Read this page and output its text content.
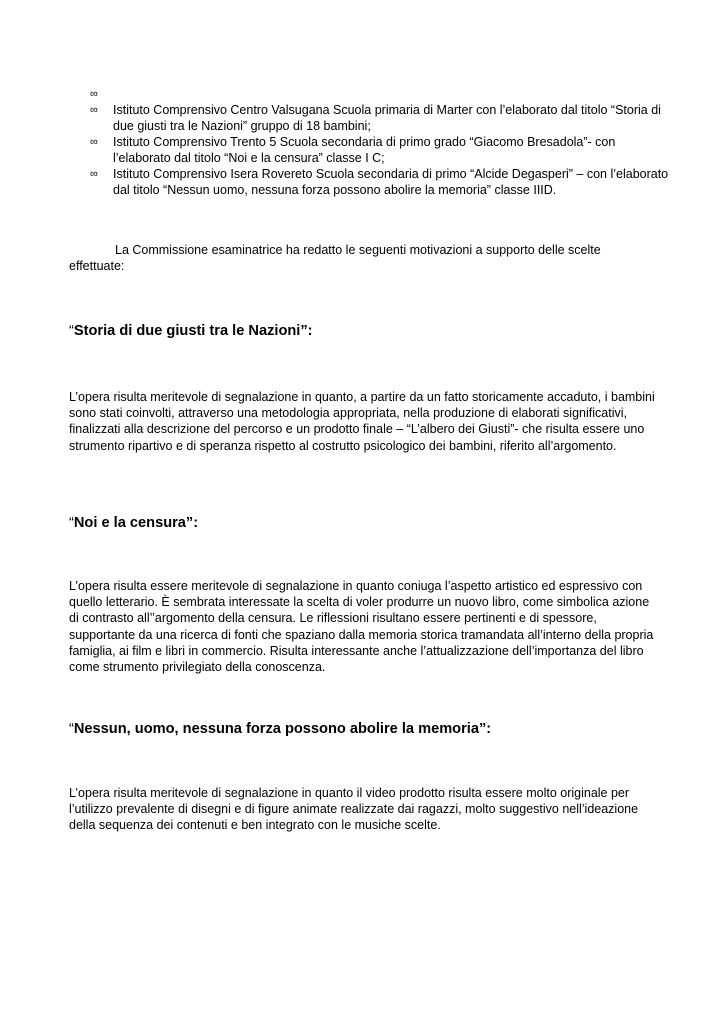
∞
∞ Istituto Comprensivo Centro Valsugana Scuola primaria di Marter con l’elaborato dal titolo “Storia di due giusti tra le Nazioni” gruppo di 18 bambini;
∞ Istituto Comprensivo Trento 5 Scuola secondaria di primo grado “Giacomo Bresadola”- con l’elaborato dal titolo “Noi e la censura” classe I C;
∞ Istituto Comprensivo Isera Rovereto Scuola secondaria di primo “Alcide Degasperi” – con l’elaborato dal titolo “Nessun uomo, nessuna forza possono abolire la memoria” classe IIID.

La Commissione esaminatrice ha redatto le seguenti motivazioni a supporto delle scelte effettuate:

“Storia di due giusti tra le Nazioni”:

L’opera risulta meritevole di segnalazione in quanto, a partire da un fatto storicamente accaduto, i bambini sono stati coinvolti, attraverso una metodologia appropriata, nella produzione di elaborati significativi, finalizzati alla descrizione del percorso e un prodotto finale – “L’albero dei Giusti”- che risulta essere uno strumento ripartivo e di speranza rispetto al costrutto psicologico dei bambini, riferito all’argomento.

“Noi e la censura”:

L’opera risulta essere meritevole di segnalazione in quanto coniuga l’aspetto artistico ed espressivo con quello letterario. È sembrata interessate la scelta di voler produrre un nuovo libro, come simbolica azione di contrasto all’’argomento della censura. Le riflessioni risultano essere pertinenti e di spessore, supportante da una ricerca di fonti che spaziano dalla memoria storica tramandata all’interno della propria famiglia, ai film e libri in commercio. Risulta interessante anche l’attualizzazione dell’importanza del libro come strumento privilegiato della conoscenza.

“Nessun, uomo, nessuna forza possono abolire la memoria”:

L’opera risulta meritevole di segnalazione in quanto il video prodotto risulta essere molto originale per l’utilizzo prevalente di disegni e di figure animate realizzate dai ragazzi, molto suggestivo nell’ideazione della sequenza dei contenuti e ben integrato con le musiche scelte.
